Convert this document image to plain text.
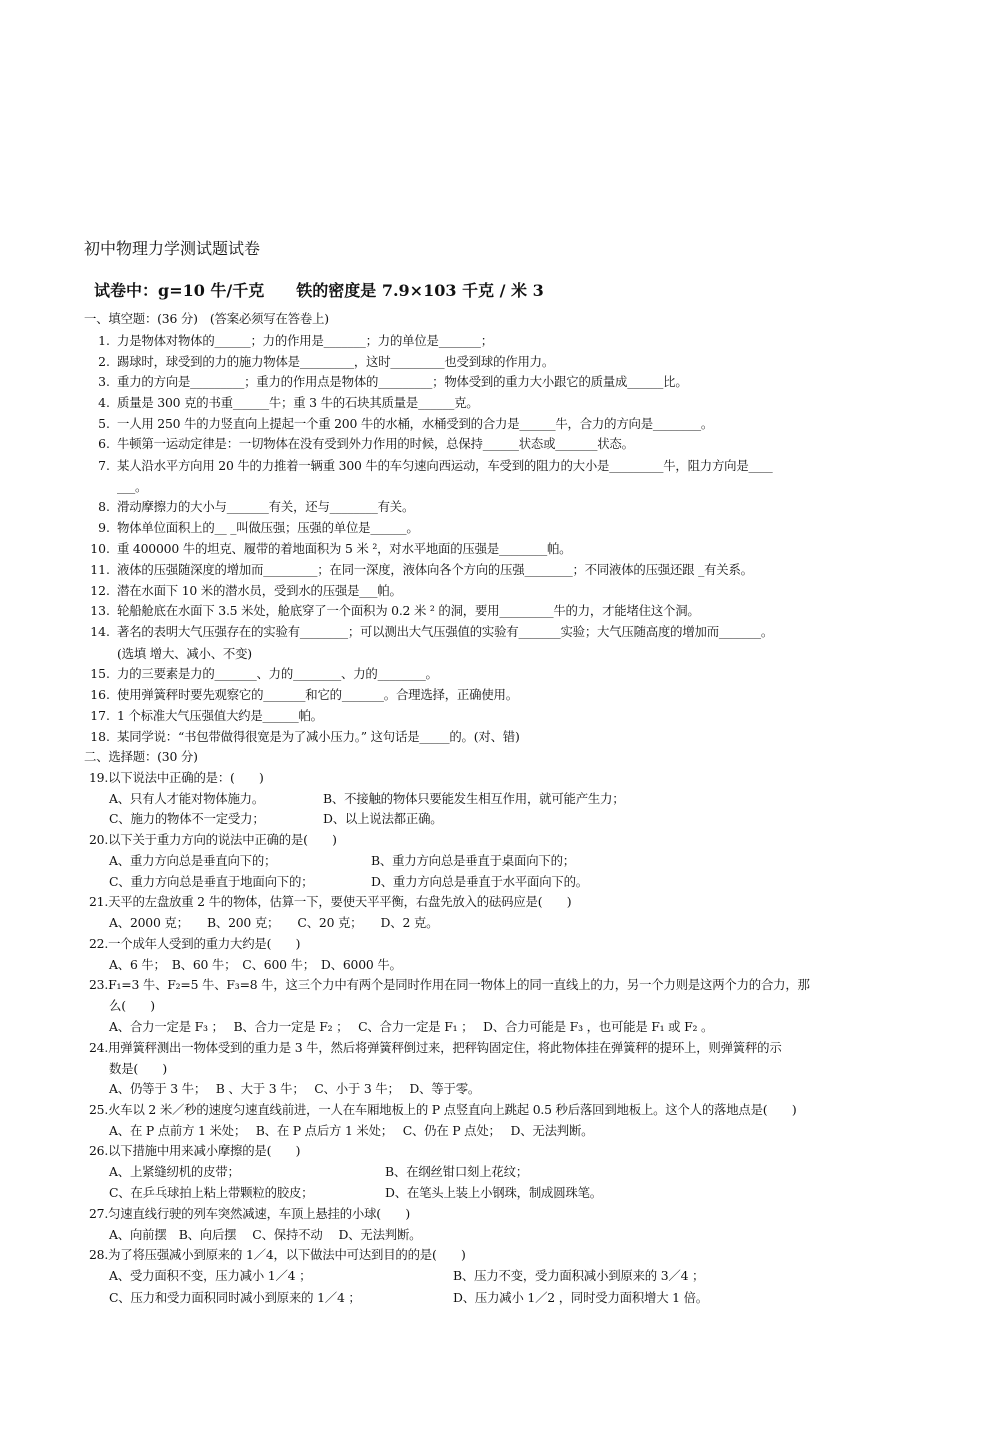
初中物理力学测试题试卷
试卷中：g=10 牛/千克　　铁的密度是 7.9×103 千克 / 米 3
一、填空题：(36 分)　(答案必须写在答卷上)
1. 力是物体对物体的______；力的作用是_______；力的单位是_______；
2. 踢球时，球受到的力的施力物体是_________，这时_________也受到球的作用力。
3. 重力的方向是_________；重力的作用点是物体的_________；物体受到的重力大小跟它的质量成______比。
4. 质量是 300 克的书重______牛；重 3 牛的石块其质量是______克。
5. 一人用 250 牛的力竖直向上提起一个重 200 牛的水桶，水桶受到的合力是______牛，合力的方向是________。
6. 牛顿第一运动定律是：一切物体在没有受到外力作用的时候，总保持______状态或_______状态。
7. 某人沿水平方向用 20 牛的力推着一辆重 300 牛的车匀速向西运动，车受到的阻力的大小是_________牛，阻力方向是____
___。
8. 滑动摩擦力的大小与_______有关，还与________有关。
9. 物体单位面积上的__ _叫做压强；压强的单位是______。
10. 重 400000 牛的坦克、履带的着地面积为 5 米 ²，对水平地面的压强是________帕。
11. 液体的压强随深度的增加而_________；在同一深度，液体向各个方向的压强________；不同液体的压强还跟 _有关系。
12. 潜在水面下 10 米的潜水员，受到水的压强是___帕。
13. 轮船舱底在水面下 3.5 米处，舱底穿了一个面积为 0.2 米 ² 的洞，要用_________牛的力，才能堵住这个洞。
14. 著名的表明大气压强存在的实验有________；可以测出大气压强值的实验有_______实验；大气压随高度的增加而_______。
(选填 增大、减小、不变)
15. 力的三要素是力的_______、力的________、力的________。
16. 使用弹簧秤时要先观察它的_______和它的_______。合理选择，正确使用。
17. 1 个标准大气压强值大约是______帕。
18. 某同学说：“书包带做得很宽是为了减小压力。” 这句话是_____的。(对、错)
二、选择题：(30 分)
19.以下说法中正确的是：(　　)
A、只有人才能对物体施力。	B、不接触的物体只要能发生相互作用，就可能产生力；
C、施力的物体不一定受力；	D、以上说法都正确。
20.以下关于重力方向的说法中正确的是(　　)
A、重力方向总是垂直向下的；	B、重力方向总是垂直于桌面向下的；
C、重力方向总是垂直于地面向下的；	D、重力方向总是垂直于水平面向下的。
21.天平的左盘放重 2 牛的物体，估算一下，要使天平平衡，右盘先放入的砝码应是(　　)
A、2000 克；　　B、200 克；　　C、20 克；　　D、2 克。
22.一个成年人受到的重力大约是(　　)
A、6 牛；　B、60 牛；　C、600 牛；　D、6000 牛。
23.F₁=3 牛、F₂=5 牛、F₃=8 牛，这三个力中有两个是同时作用在同一物体上的同一直线上的力，另一个力则是这两个力的合力，那
么(　　)
A、合力一定是 F₃ ；　 B、合力一定是 F₂ ；　 C、合力一定是 F₁ ；　 D、合力可能是 F₃ ，也可能是 F₁ 或 F₂ 。
24.用弹簧秤测出一物体受到的重力是 3 牛，然后将弹簧秤倒过来，把秤钩固定住，将此物体挂在弹簧秤的提环上，则弹簧秤的示
数是(　　)
A、仍等于 3 牛；　 B 、大于 3 牛；　 C、小于 3 牛；　 D、等于零。
25.火车以 2 米／秒的速度匀速直线前进，一人在车厢地板上的 P 点竖直向上跳起 0.5 秒后落回到地板上。这个人的落地点是(　　)
A、在 P 点前方 1 米处；　 B、在 P 点后方 1 米处；　 C、仍在 P 点处；　 D、无法判断。
26.以下措施中用来减小摩擦的是(　　)
A、上紧缝纫机的皮带；	B、在纲丝钳口刻上花纹；
C、在乒乓球拍上粘上带颗粒的胶皮；	D、在笔头上装上小钢珠，制成圆珠笔。
27.匀速直线行驶的列车突然减速，车顶上悬挂的小球(　　)
A、向前摆　B、向后摆　 C、保持不动　 D、无法判断。
28.为了将压强减小到原来的 1／4，以下做法中可达到目的的是(　　)
A、受力面积不变，压力减小 1／4 ；	B、压力不变，受力面积减小到原来的 3／4 ；
C、压力和受力面积同时减小到原来的 1／4 ；	D、压力减小 1／2 ，同时受力面积增大 1 倍。
